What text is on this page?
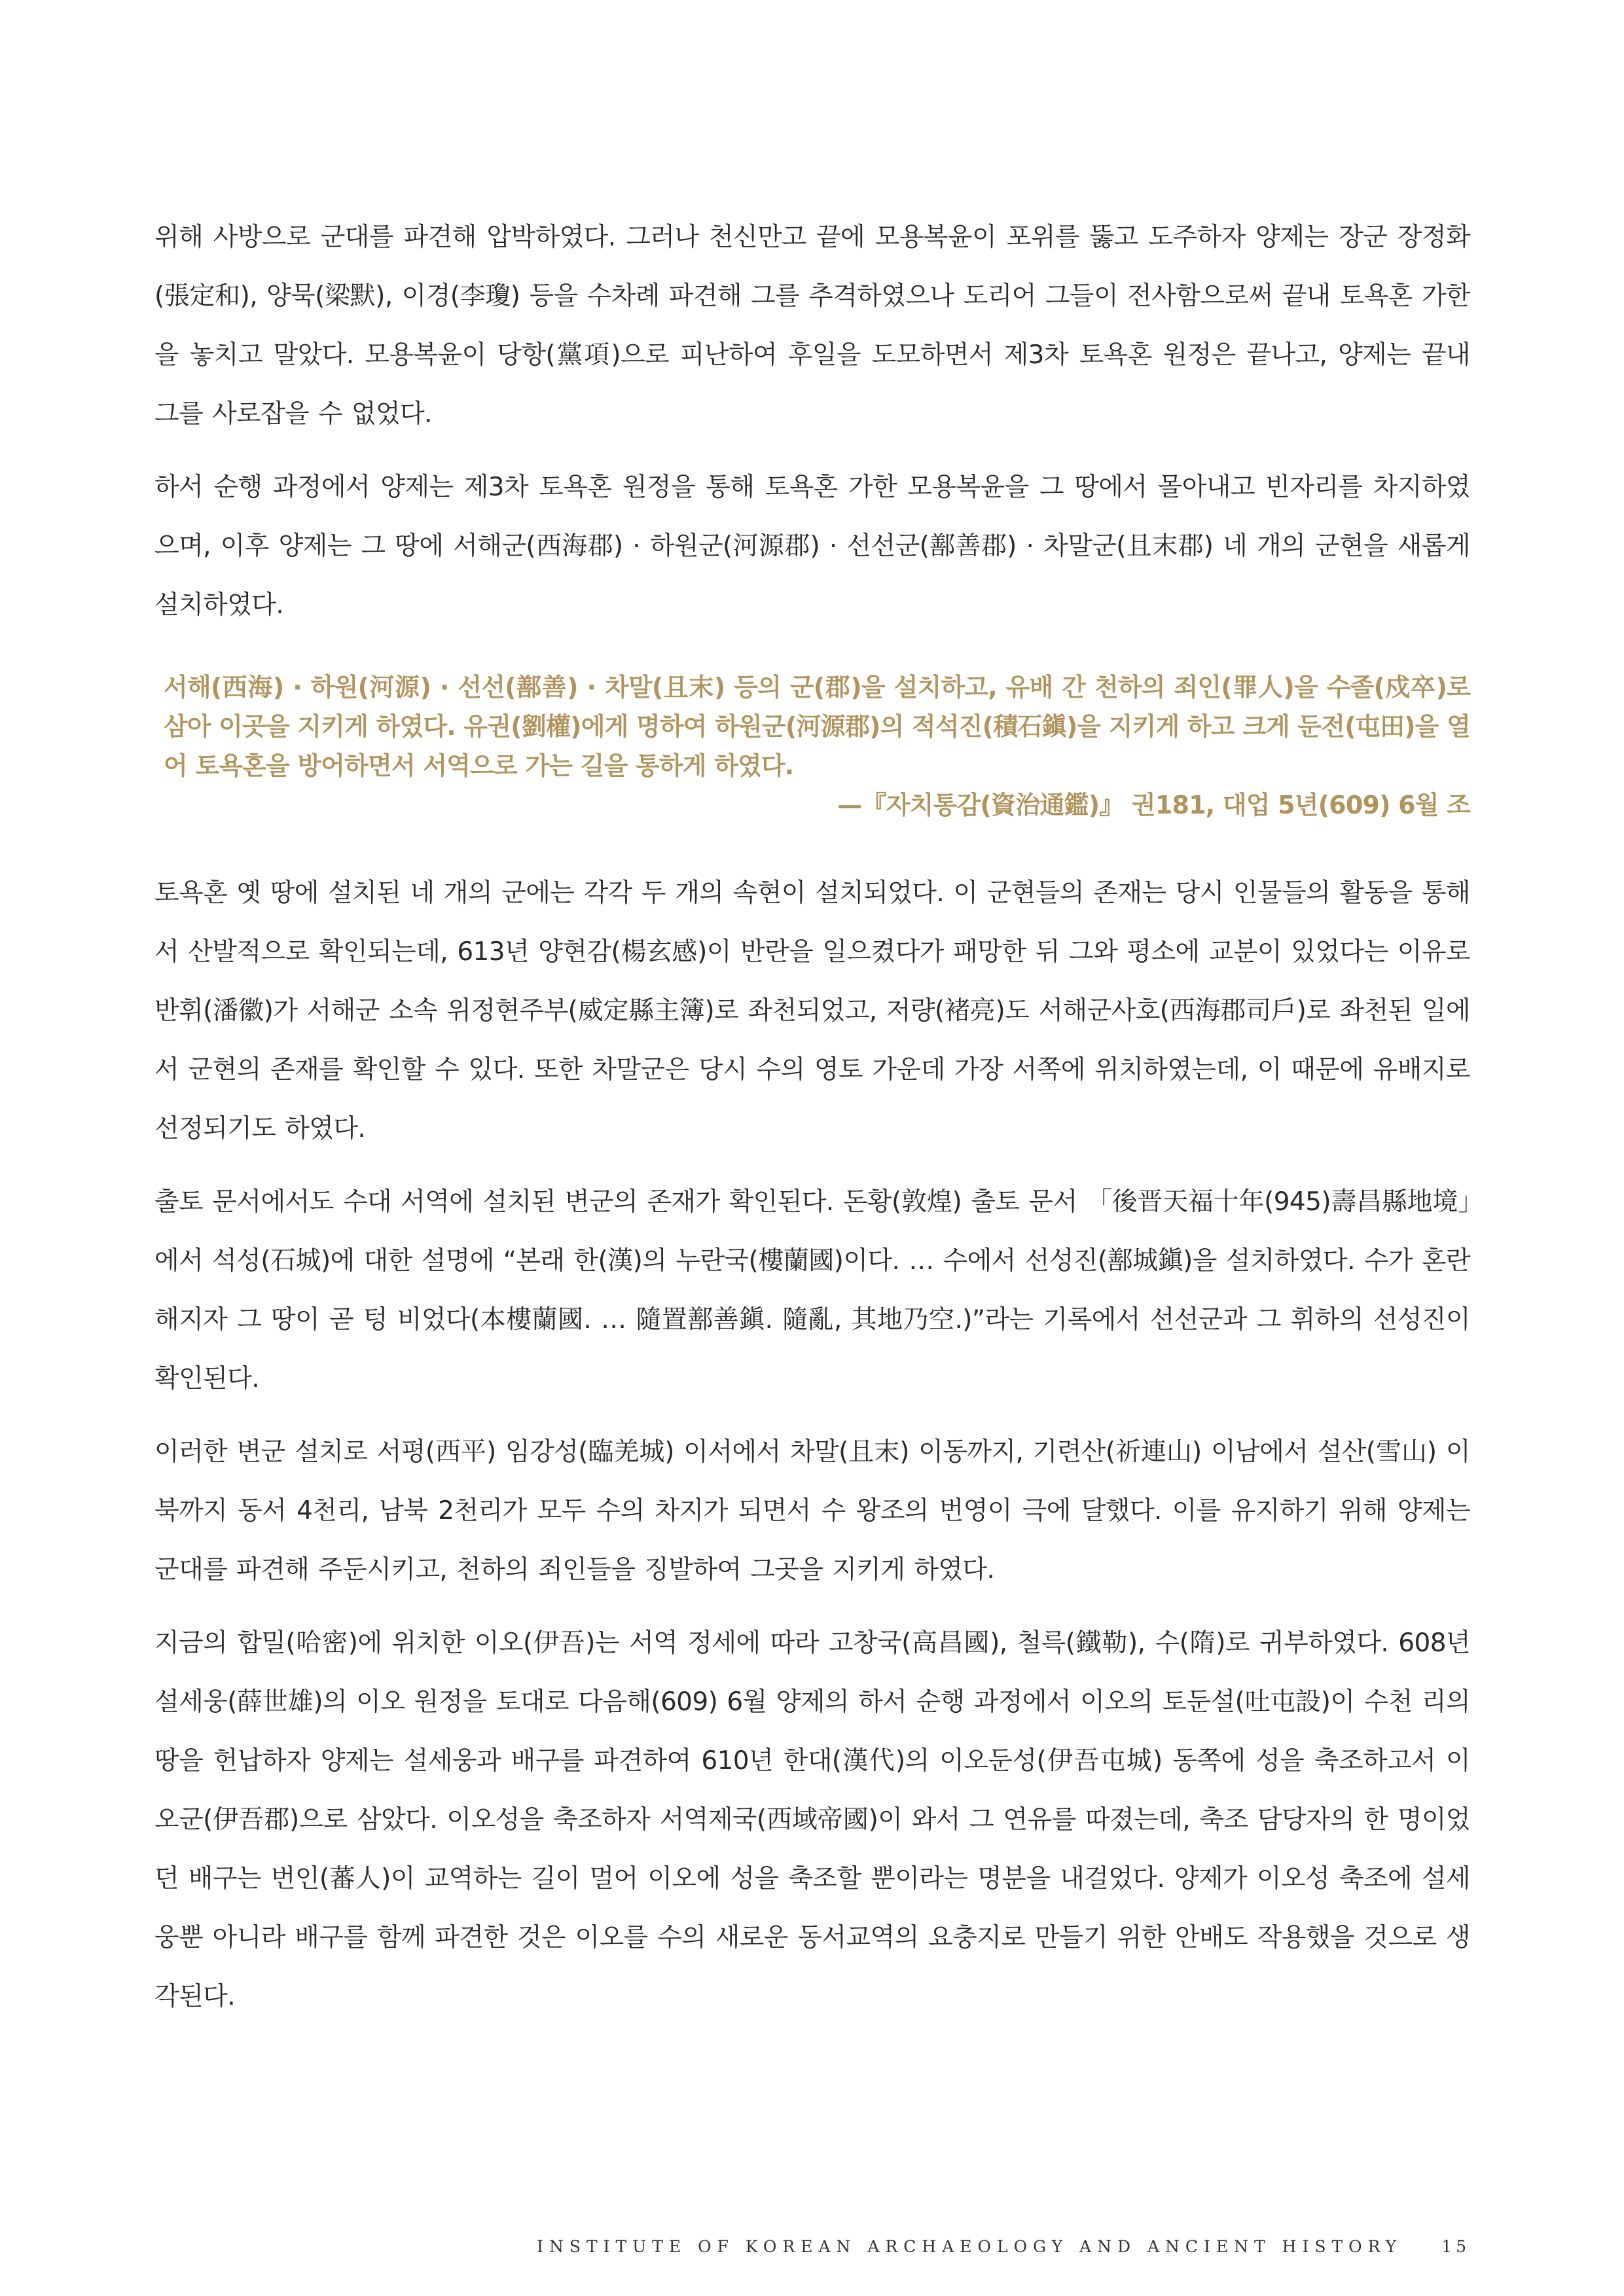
위해 사방으로 군대를 파견해 압박하였다. 그러나 천신만고 끝에 모용복윤이 포위를 뚫고 도주하자 양제는 장군 장정화(張定和), 양묵(梁默), 이경(李瓊) 등을 수차례 파견해 그를 추격하였으나 도리어 그들이 전사함으로써 끝내 토욕혼 가한을 놓치고 말았다. 모용복윤이 당항(黨項)으로 피난하여 후일을 도모하면서 제3차 토욕혼 원정은 끝나고, 양제는 끝내 그를 사로잡을 수 없었다.

하서 순행 과정에서 양제는 제3차 토욕혼 원정을 통해 토욕혼 가한 모용복윤을 그 땅에서 몰아내고 빈자리를 차지하였으며, 이후 양제는 그 땅에 서해군(西海郡) · 하원군(河源郡) · 선선군(鄯善郡) · 차말군(且末郡) 네 개의 군현을 새롭게 설치하였다.

서해(西海) · 하원(河源) · 선선(鄯善) · 차말(且末) 등의 군(郡)을 설치하고, 유배 간 천하의 죄인(罪人)을 수졸(戍卒)로 삼아 이곳을 지키게 하였다. 유권(劉權)에게 명하여 하원군(河源郡)의 적석진(積石鎭)을 지키게 하고 크게 둔전(屯田)을 열어 토욕혼을 방어하면서 서역으로 가는 길을 통하게 하였다.
—『자치통감(資治通鑑)』 권181, 대업 5년(609) 6월 조

토욕혼 옛 땅에 설치된 네 개의 군에는 각각 두 개의 속현이 설치되었다. 이 군현들의 존재는 당시 인물들의 활동을 통해서 산발적으로 확인되는데, 613년 양현감(楊玄感)이 반란을 일으켰다가 패망한 뒤 그와 평소에 교분이 있었다는 이유로 반휘(潘徽)가 서해군 소속 위정현주부(威定縣主簿)로 좌천되었고, 저량(褚亮)도 서해군사호(西海郡司戶)로 좌천된 일에서 군현의 존재를 확인할 수 있다. 또한 차말군은 당시 수의 영토 가운데 가장 서쪽에 위치하였는데, 이 때문에 유배지로 선정되기도 하였다.

출토 문서에서도 수대 서역에 설치된 변군의 존재가 확인된다. 돈황(敦煌) 출토 문서 「後晋天福十年(945)壽昌縣地境」에서 석성(石城)에 대한 설명에 “본래 한(漢)의 누란국(樓蘭國)이다. … 수에서 선성진(鄯城鎭)을 설치하였다. 수가 혼란해지자 그 땅이 곧 텅 비었다(本樓蘭國. … 隨置鄯善鎭. 隨亂, 其地乃空.)”라는 기록에서 선선군과 그 휘하의 선성진이 확인된다.

이러한 변군 설치로 서평(西平) 임강성(臨羌城) 이서에서 차말(且末) 이동까지, 기련산(祈連山) 이남에서 설산(雪山) 이북까지 동서 4천리, 남북 2천리가 모두 수의 차지가 되면서 수 왕조의 번영이 극에 달했다. 이를 유지하기 위해 양제는 군대를 파견해 주둔시키고, 천하의 죄인들을 징발하여 그곳을 지키게 하였다.

지금의 합밀(哈密)에 위치한 이오(伊吾)는 서역 정세에 따라 고창국(高昌國), 철륵(鐵勒), 수(隋)로 귀부하였다. 608년 설세웅(薛世雄)의 이오 원정을 토대로 다음해(609) 6월 양제의 하서 순행 과정에서 이오의 토둔설(吐屯設)이 수천 리의 땅을 헌납하자 양제는 설세웅과 배구를 파견하여 610년 한대(漢代)의 이오둔성(伊吾屯城) 동쪽에 성을 축조하고서 이오군(伊吾郡)으로 삼았다. 이오성을 축조하자 서역제국(西域帝國)이 와서 그 연유를 따졌는데, 축조 담당자의 한 명이었던 배구는 번인(蕃人)이 교역하는 길이 멀어 이오에 성을 축조할 뿐이라는 명분을 내걸었다. 양제가 이오성 축조에 설세웅뿐 아니라 배구를 함께 파견한 것은 이오를 수의 새로운 동서교역의 요충지로 만들기 위한 안배도 작용했을 것으로 생각된다.

INSTITUTE OF KOREAN ARCHAEOLOGY AND ANCIENT HISTORY 15
